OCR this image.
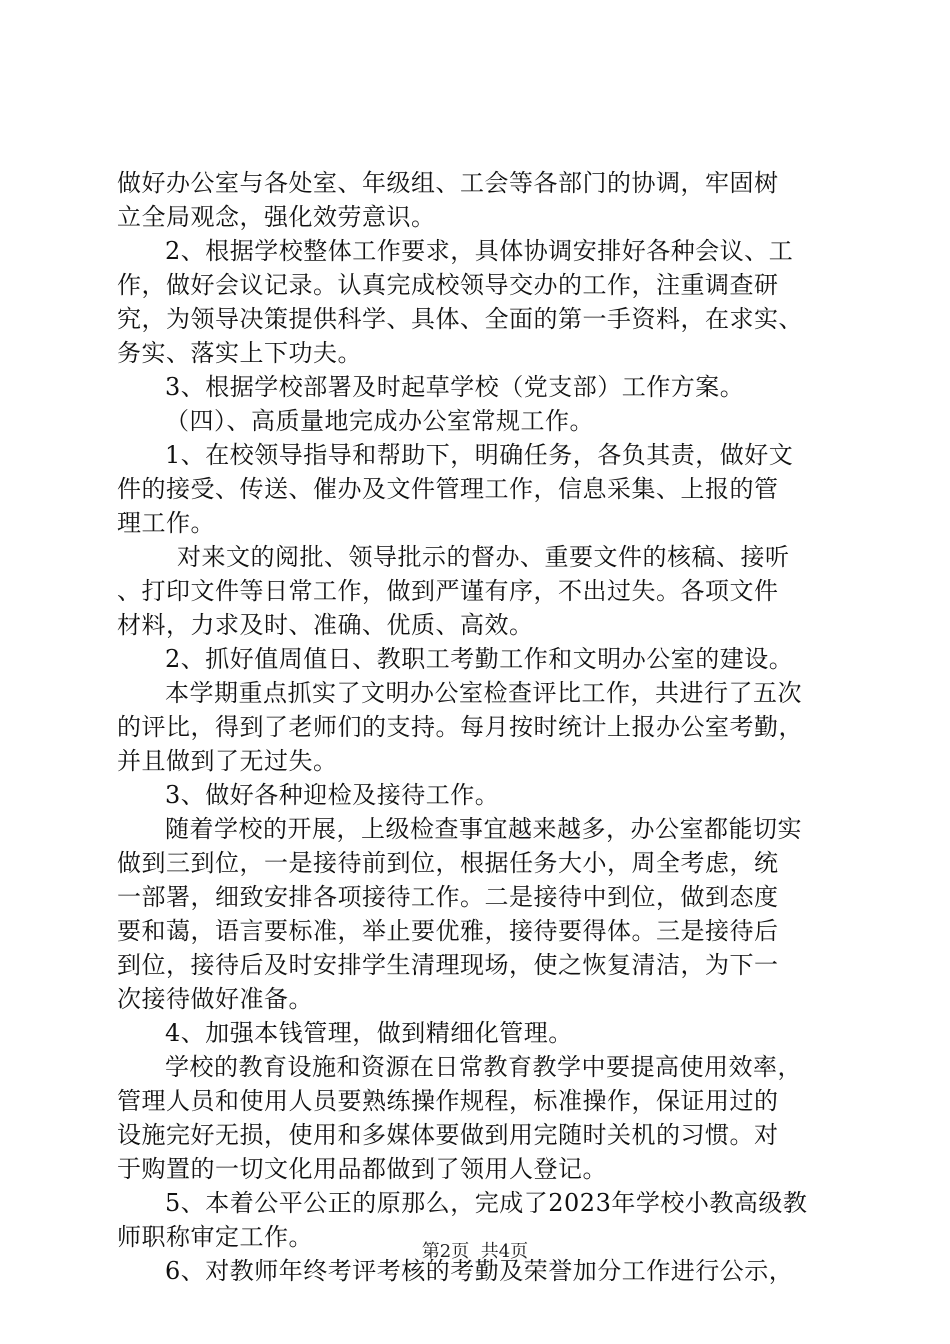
做好办公室与各处室、年级组、工会等各部门的协调，牢固树
立全局观念，强化效劳意识。
2、根据学校整体工作要求，具体协调安排好各种会议、工
作，做好会议记录。认真完成校领导交办的工作，注重调查研
究，为领导决策提供科学、具体、全面的第一手资料，在求实、
务实、落实上下功夫。
3、根据学校部署及时起草学校（党支部）工作方案。
（四）、高质量地完成办公室常规工作。
1、在校领导指导和帮助下，明确任务，各负其责，做好文
件的接受、传送、催办及文件管理工作，信息采集、上报的管
理工作。
对来文的阅批、领导批示的督办、重要文件的核稿、接听
、打印文件等日常工作，做到严谨有序，不出过失。各项文件
材料，力求及时、准确、优质、高效。
2、抓好值周值日、教职工考勤工作和文明办公室的建设。
本学期重点抓实了文明办公室检查评比工作，共进行了五次
的评比，得到了老师们的支持。每月按时统计上报办公室考勤，
并且做到了无过失。
3、做好各种迎检及接待工作。
随着学校的开展，上级检查事宜越来越多，办公室都能切实
做到三到位，一是接待前到位，根据任务大小，周全考虑，统
一部署，细致安排各项接待工作。二是接待中到位，做到态度
要和蔼，语言要标准，举止要优雅，接待要得体。三是接待后
到位，接待后及时安排学生清理现场，使之恢复清洁，为下一
次接待做好准备。
4、加强本钱管理，做到精细化管理。
学校的教育设施和资源在日常教育教学中要提高使用效率，
管理人员和使用人员要熟练操作规程，标准操作，保证用过的
设施完好无损，使用和多媒体要做到用完随时关机的习惯。对
于购置的一切文化用品都做到了领用人登记。
5、本着公平公正的原那么，完成了2023年学校小教高级教
师职称审定工作。
6、对教师年终考评考核的考勤及荣誉加分工作进行公示，
第2页 共4页
